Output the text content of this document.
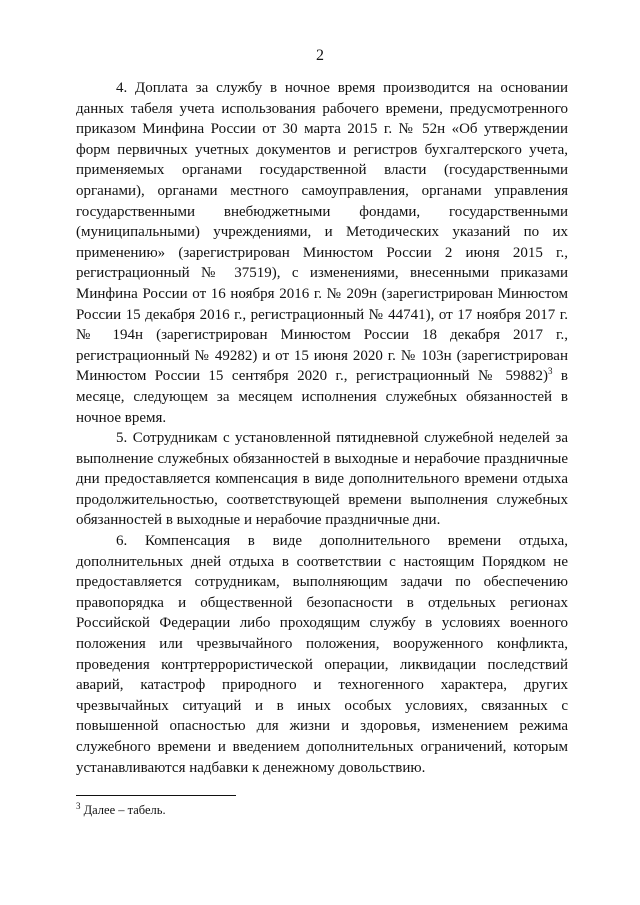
2

4. Доплата за службу в ночное время производится на основании данных табеля учета использования рабочего времени, предусмотренного приказом Минфина России от 30 марта 2015 г. № 52н «Об утверждении форм первичных учетных документов и регистров бухгалтерского учета, применяемых органами государственной власти (государственными органами), органами местного самоуправления, органами управления государственными внебюджетными фондами, государственными (муниципальными) учреждениями, и Методических указаний по их применению» (зарегистрирован Минюстом России 2 июня 2015 г., регистрационный № 37519), с изменениями, внесенными приказами Минфина России от 16 ноября 2016 г. № 209н (зарегистрирован Минюстом России 15 декабря 2016 г., регистрационный № 44741), от 17 ноября 2017 г. № 194н (зарегистрирован Минюстом России 18 декабря 2017 г., регистрационный № 49282) и от 15 июня 2020 г. № 103н (зарегистрирован Минюстом России 15 сентября 2020 г., регистрационный № 59882)$^3$ в месяце, следующем за месяцем исполнения служебных обязанностей в ночное время.

5. Сотрудникам с установленной пятидневной служебной неделей за выполнение служебных обязанностей в выходные и нерабочие праздничные дни предоставляется компенсация в виде дополнительного времени отдыха продолжительностью, соответствующей времени выполнения служебных обязанностей в выходные и нерабочие праздничные дни.

6. Компенсация в виде дополнительного времени отдыха, дополнительных дней отдыха в соответствии с настоящим Порядком не предоставляется сотрудникам, выполняющим задачи по обеспечению правопорядка и общественной безопасности в отдельных регионах Российской Федерации либо проходящим службу в условиях военного положения или чрезвычайного положения, вооруженного конфликта, проведения контртеррористической операции, ликвидации последствий аварий, катастроф природного и техногенного характера, других чрезвычайных ситуаций и в иных особых условиях, связанных с повышенной опасностью для жизни и здоровья, изменением режима служебного времени и введением дополнительных ограничений, которым устанавливаются надбавки к денежному довольствию.

$^3$ Далее – табель.
